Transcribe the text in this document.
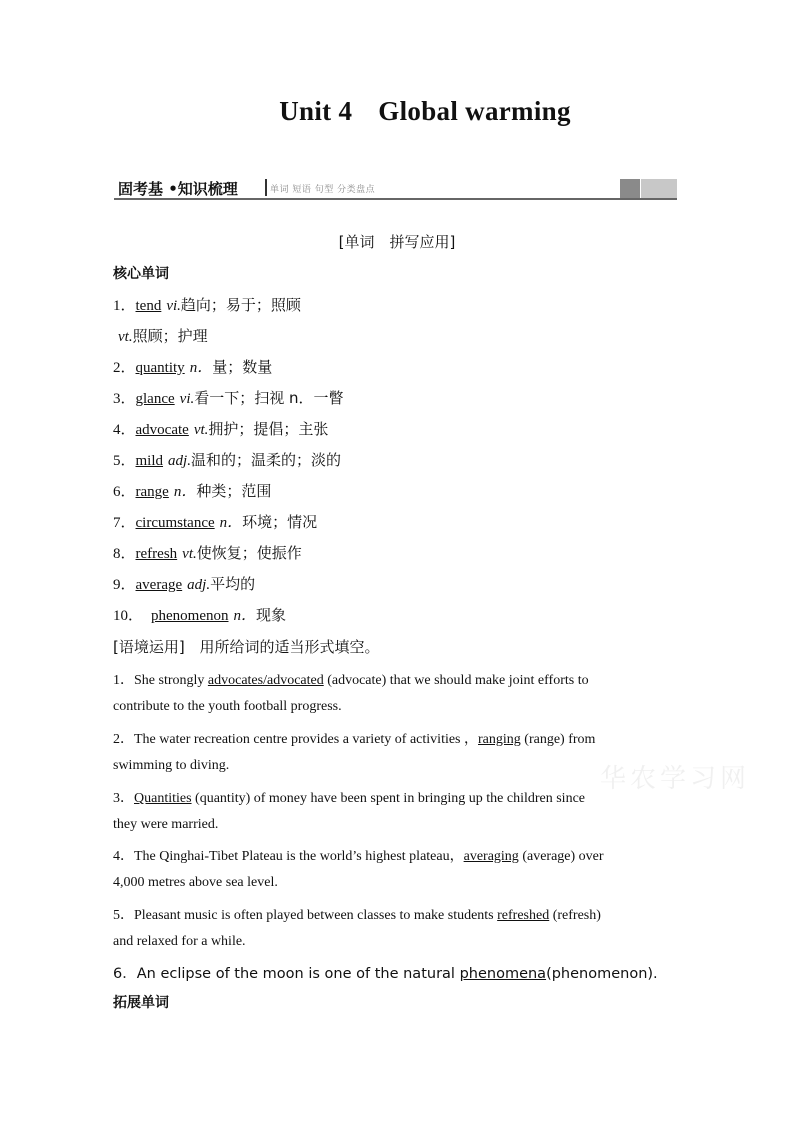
Unit 4 Global warming
固考基 •知识梳理	单词 短语 句型 分类盘点
[单词　拼写应用]
核心单词
1．tend vi.趋向；易于；照顾
vt.照顾；护理
2．quantity n．量；数量
3．glance vi.看一下；扫视 n．一瞥
4．advocate vt.拥护；提倡；主张
5．mild adj.温和的；温柔的；淡的
6．range n．种类；范围
7．circumstance n．环境；情况
8．refresh vt.使恢复；使振作
9．average adj.平均的
10． phenomenon n．现象
[语境运用] 用所给词的适当形式填空。
1．She strongly advocates/advocated (advocate) that we should make joint efforts to
contribute to the youth football progress.
2．The water recreation centre provides a variety of activities ，ranging (range) from
swimming to diving.
3．Quantities (quantity) of money have been spent in bringing up the children since
they were married.
4．The Qinghai-Tibet Plateau is the world’s highest plateau，averaging (average) over
4,000 metres above sea level.
5．Pleasant music is often played between classes to make students refreshed (refresh)
and relaxed for a while.
6．An eclipse of the moon is one of the natural phenomena(phenomenon).
拓展单词
华农学习网
